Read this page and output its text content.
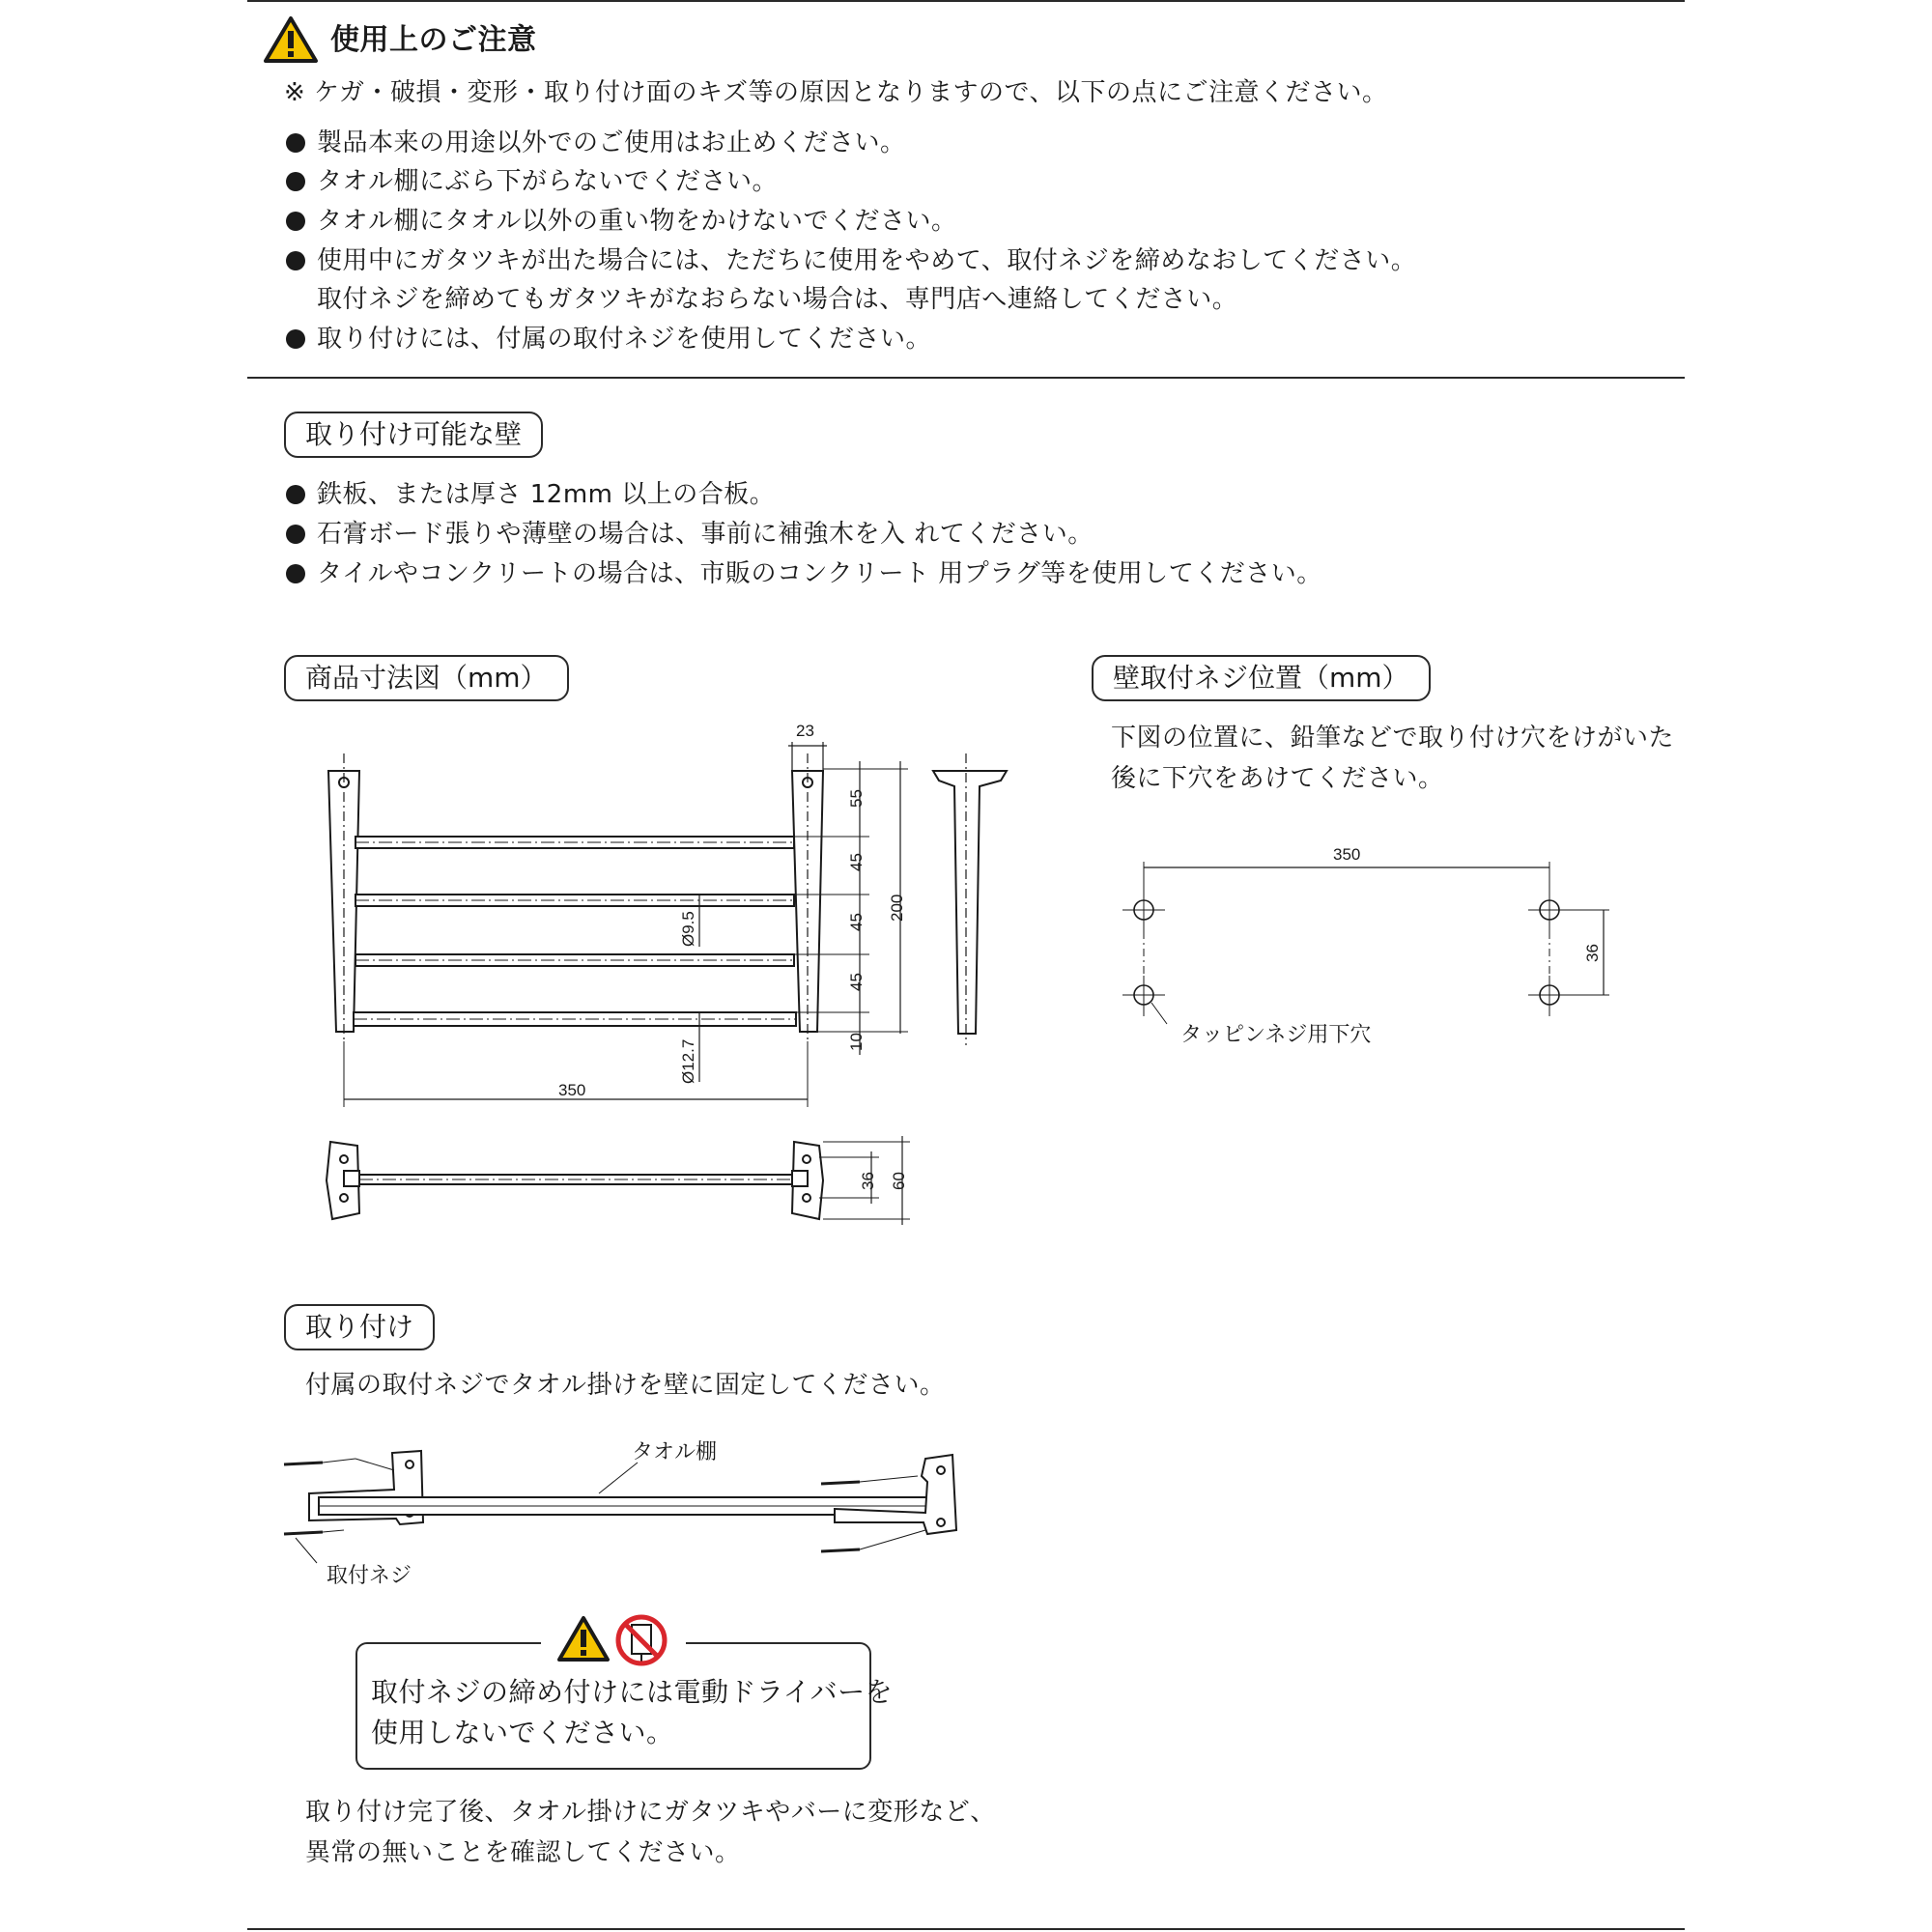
使用上のご注意
※ ケガ・破損・変形・取り付け面のキズ等の原因となりますので、以下の点にご注意ください。
製品本来の用途以外でのご使用はお止めください。
タオル棚にぶら下がらないでください。
タオル棚にタオル以外の重い物をかけないでください。
使用中にガタツキが出た場合には、ただちに使用をやめて、取付ネジを締めなおしてください。
取付ネジを締めてもガタツキがなおらない場合は、専門店へ連絡してください。
取り付けには、付属の取付ネジを使用してください。
取り付け可能な壁
鉄板、または厚さ 12mm 以上の合板。
石膏ボード張りや薄壁の場合は、事前に補強木を入 れてください。
タイルやコンクリートの場合は、市販のコンクリート 用プラグ等を使用してください。
商品寸法図（mm）
23
55
45
45
45
10
200
Ø9.5
Ø12.7
350
36 60
壁取付ネジ位置（mm）
下図の位置に、鉛筆などで取り付け穴をけがいた
後に下穴をあけてください。
350
36
タッピンネジ用下穴
取り付け
付属の取付ネジでタオル掛けを壁に固定してください。
タオル棚
取付ネジ
取付ネジの締め付けには電動ドライバーを
使用しないでください。
取り付け完了後、タオル掛けにガタツキやバーに変形など、
異常の無いことを確認してください。
